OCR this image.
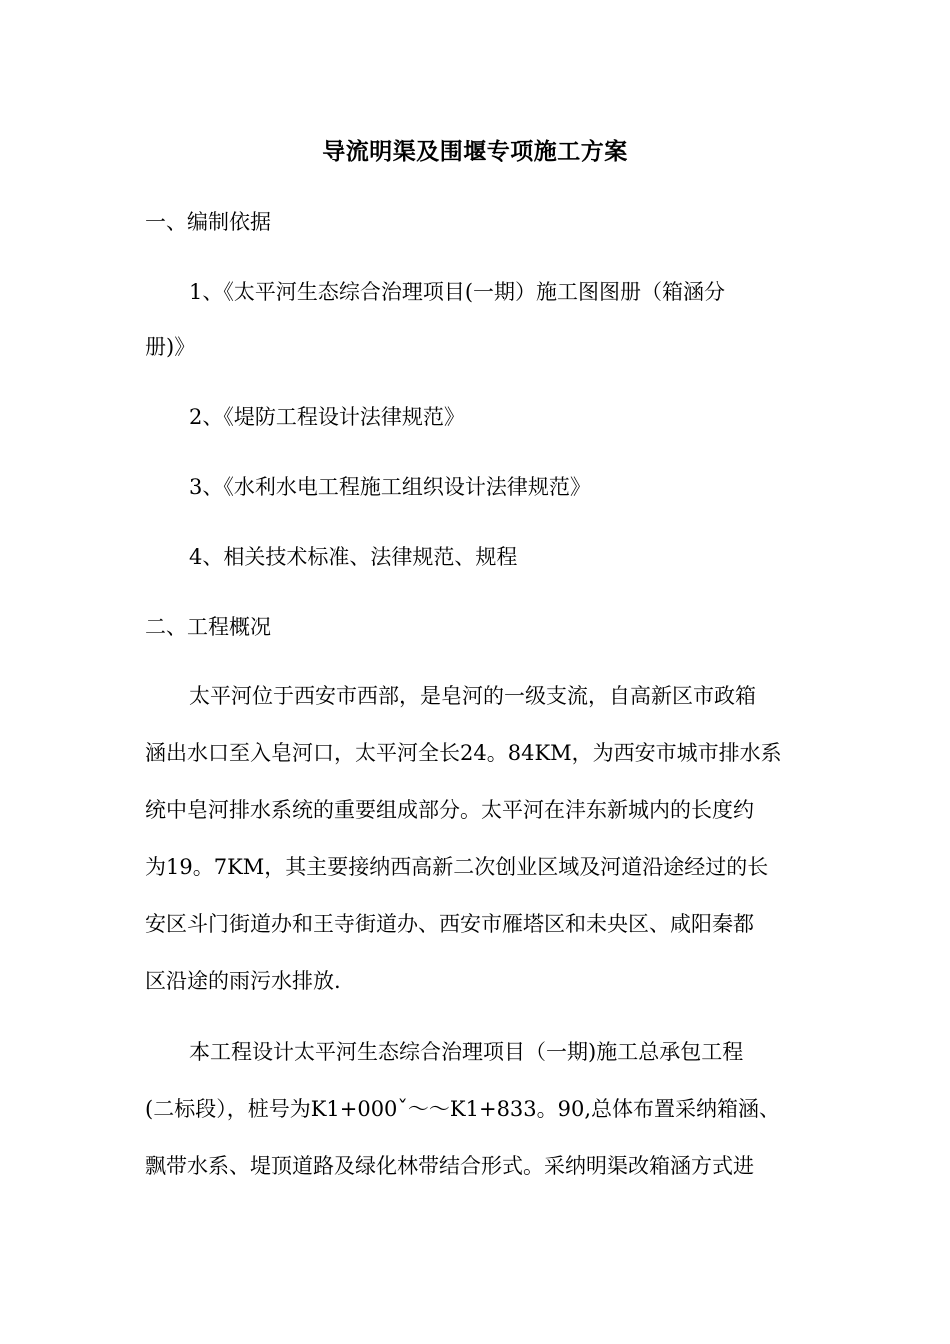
导流明渠及围堰专项施工方案

一、编制依据

1、《太平河生态综合治理项目(一期）施工图图册（箱涵分

册)》

2、《堤防工程设计法律规范》

3、《水利水电工程施工组织设计法律规范》

4、相关技术标准、法律规范、规程

二、工程概况

太平河位于西安市西部，是皂河的一级支流，自高新区市政箱

涵出水口至入皂河口，太平河全长24。84KM，为西安市城市排水系

统中皂河排水系统的重要组成部分。太平河在沣东新城内的长度约

为19。7KM，其主要接纳西高新二次创业区域及河道沿途经过的长

安区斗门街道办和王寺街道办、西安市雁塔区和未央区、咸阳秦都

区沿途的雨污水排放.

本工程设计太平河生态综合治理项目（一期)施工总承包工程

(二标段），桩号为K1+000ˇ～～K1+833。90,总体布置采纳箱涵、

飘带水系、堤顶道路及绿化林带结合形式。采纳明渠改箱涵方式进
